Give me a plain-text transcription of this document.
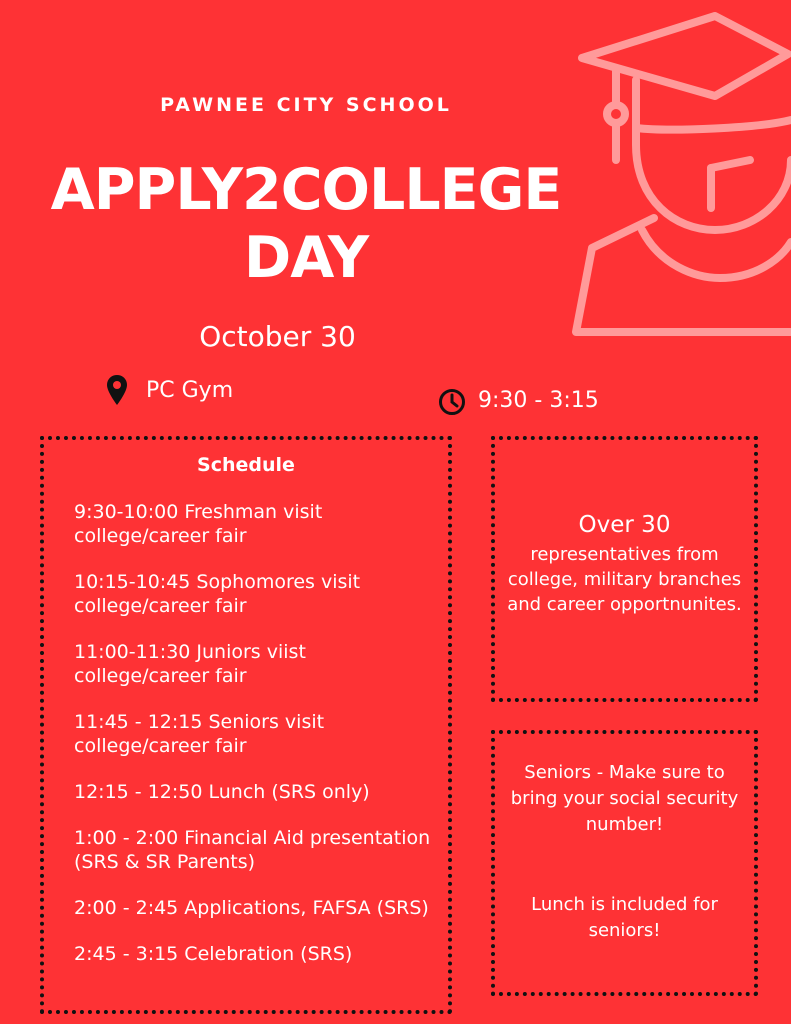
PAWNEE CITY SCHOOL
APPLY2COLLEGE
DAY
October 30
PC Gym	9:30 - 3:15
Schedule
9:30-10:00 Freshman visit college/career fair
10:15-10:45 Sophomores visit college/career fair
11:00-11:30 Juniors viist college/career fair
11:45 - 12:15 Seniors visit college/career fair
12:15 - 12:50 Lunch (SRS only)
1:00 - 2:00 Financial Aid presentation (SRS & SR Parents)
2:00 - 2:45 Applications, FAFSA (SRS)
2:45 - 3:15 Celebration (SRS)
Over 30
representatives from college, military branches and career opportnunites.
Seniors - Make sure to bring your social security number!
Lunch is included for seniors!
